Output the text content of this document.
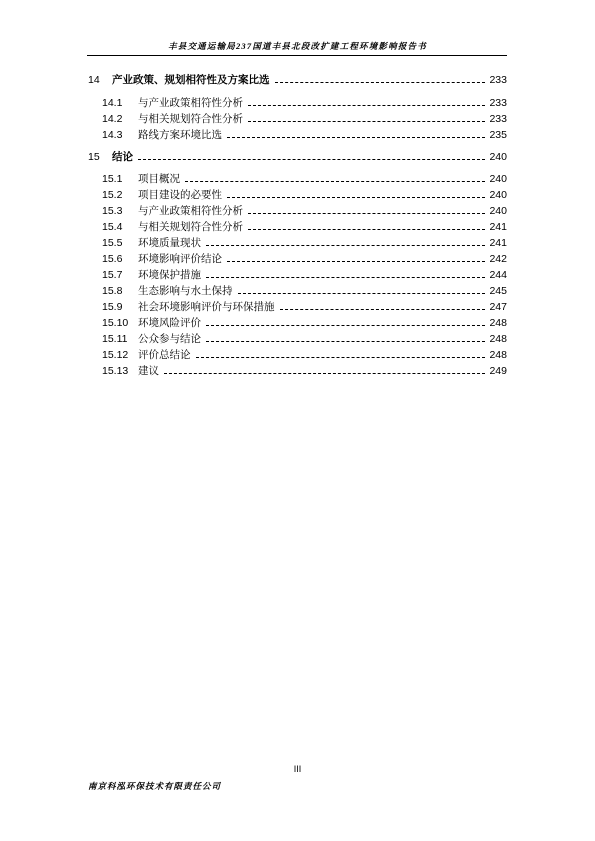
丰县交通运输局237国道丰县北段改扩建工程环境影响报告书
14 产业政策、规划相符性及方案比选	233
14.1 与产业政策相符性分析	233
14.2 与相关规划符合性分析	233
14.3 路线方案环境比选	235
15 结论	240
15.1 项目概况	240
15.2 项目建设的必要性	240
15.3 与产业政策相符性分析	240
15.4 与相关规划符合性分析	241
15.5 环境质量现状	241
15.6 环境影响评价结论	242
15.7 环境保护措施	244
15.8 生态影响与水土保持	245
15.9 社会环境影响评价与环保措施	247
15.10 环境风险评价	248
15.11 公众参与结论	248
15.12 评价总结论	248
15.13 建议	249
III
南京科泓环保技术有限责任公司
